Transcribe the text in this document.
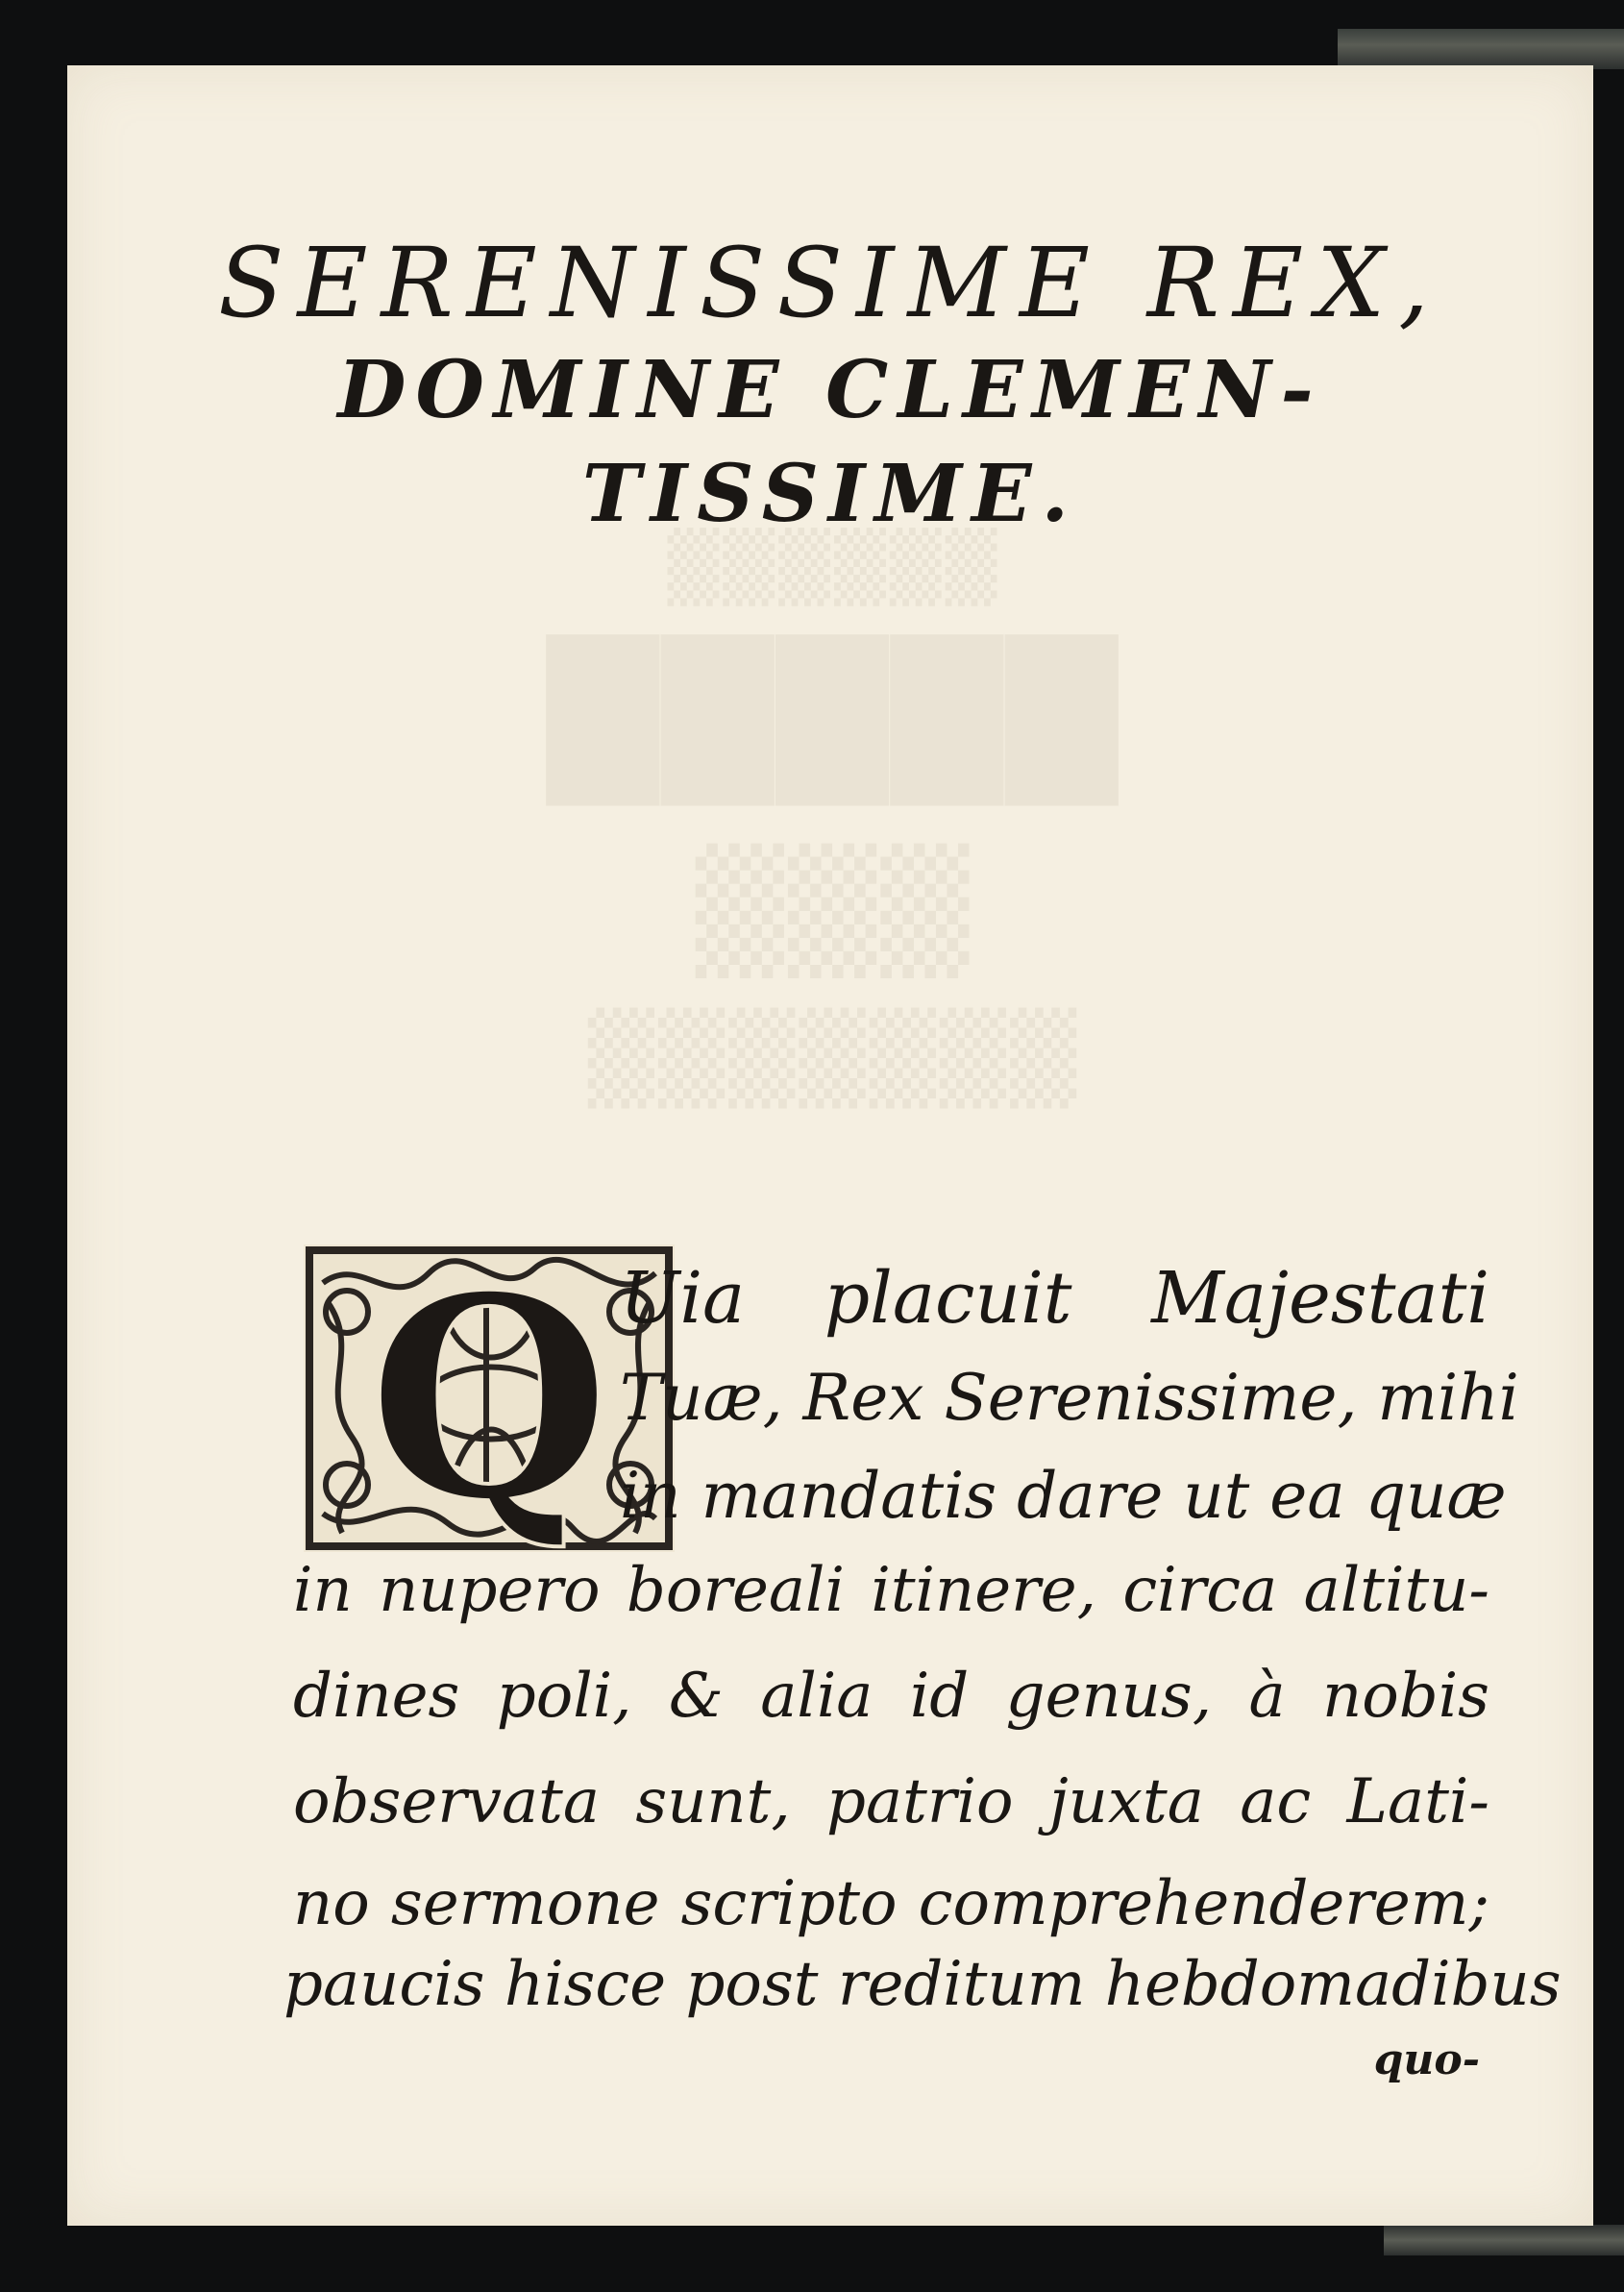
▒▒▒▒▒▒
█████
▒▒▒
▒▒▒▒▒▒▒
SERENISSIME REX,
DOMINE CLEMEN-
TISSIME.
Q Uia placuit Majestati
Tuæ, Rex Serenissime, mihi
in mandatis dare ut ea quæ
in nupero boreali itinere, circa altitu-
dines poli, & alia id genus, à nobis
observata sunt, patrio juxta ac Lati-
no sermone scripto comprehenderem;
paucis hisce post reditum hebdomadibus
quo-
